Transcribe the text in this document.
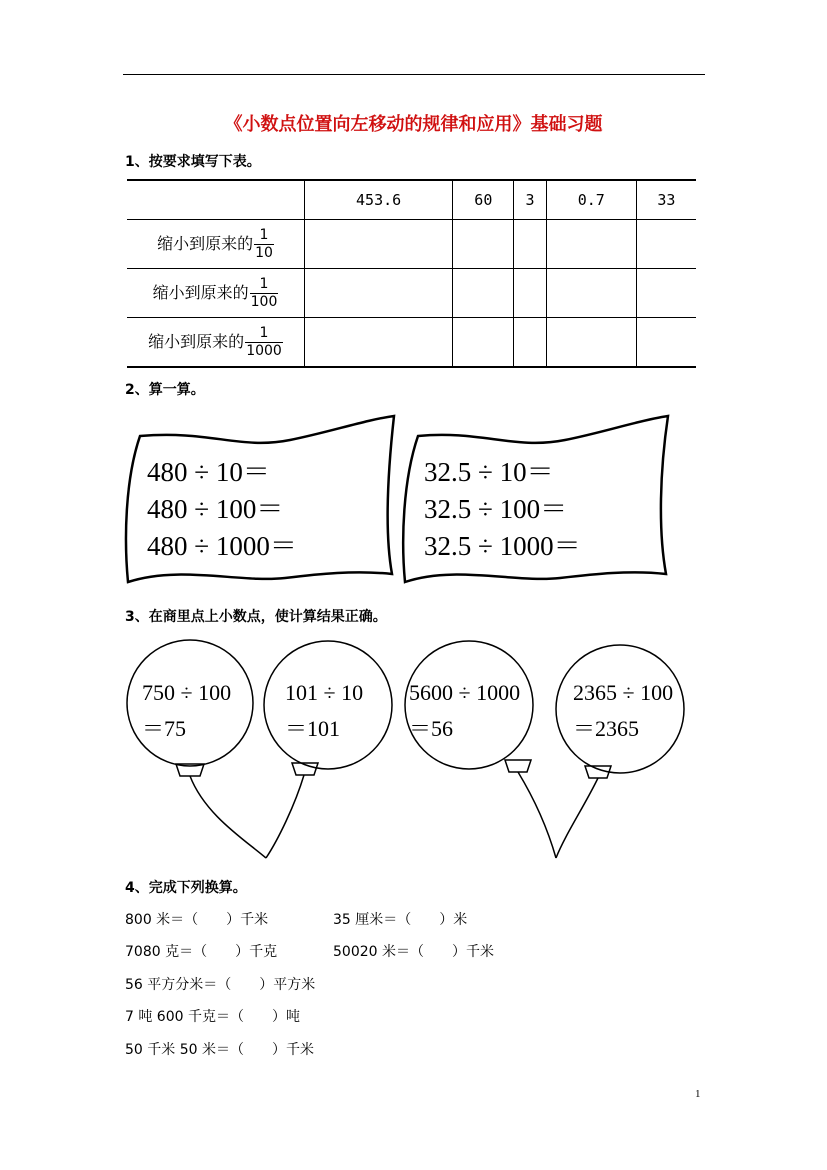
《小数点位置向左移动的规律和应用》基础习题
1、按要求填写下表。
	453.6	60	3	0.7	33
缩小到原来的 $\frac{1}{10}$

缩小到原来的 $\frac{1}{100}$

缩小到原来的 $\frac{1}{1000}$

2、算一算。
480 ÷ 10＝
480 ÷ 100＝
480 ÷ 1000＝
32.5 ÷ 10＝
32.5 ÷ 100＝
32.5 ÷ 1000＝
3、在商里点上小数点，使计算结果正确。
750 ÷ 100
＝75
101 ÷ 10
＝101
5600 ÷ 1000
＝56
2365 ÷ 100
＝2365
4、完成下列换算。
800 米＝（　　）千米	35 厘米＝（　　）米
7080 克＝（　　）千克	50020 米＝（　　）千米
56 平方分米＝（　　）平方米
7 吨 600 千克＝（　　）吨
50 千米 50 米＝（　　）千米
1
